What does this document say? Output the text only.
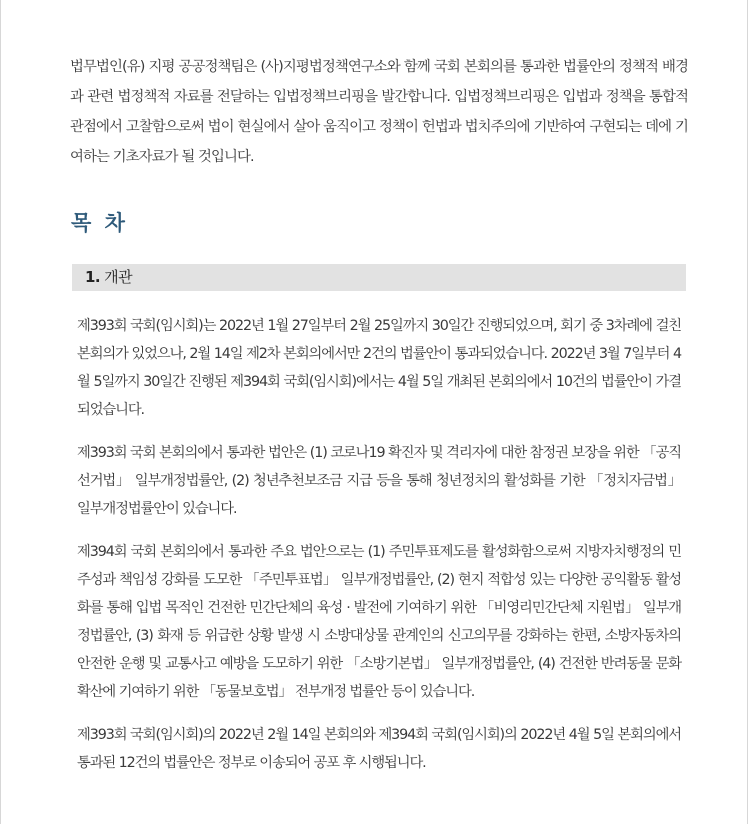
법무법인(유) 지평 공공정책팀은 (사)지평법정책연구소와 함께 국회 본회의를 통과한 법률안의 정책적 배경과 관련 법정책적 자료를 전달하는 입법정책브리핑을 발간합니다. 입법정책브리핑은 입법과 정책을 통합적 관점에서 고찰함으로써 법이 현실에서 살아 움직이고 정책이 헌법과 법치주의에 기반하여 구현되는 데에 기여하는 기초자료가 될 것입니다.

목 차
1. 개관

제393회 국회(임시회)는 2022년 1월 27일부터 2월 25일까지 30일간 진행되었으며, 회기 중 3차례에 걸친 본회의가 있었으나, 2월 14일 제2차 본회의에서만 2건의 법률안이 통과되었습니다. 2022년 3월 7일부터 4월 5일까지 30일간 진행된 제394회 국회(임시회)에서는 4월 5일 개최된 본회의에서 10건의 법률안이 가결되었습니다.

제393회 국회 본회의에서 통과한 법안은 (1) 코로나19 확진자 및 격리자에 대한 참정권 보장을 위한 「공직선거법」 일부개정법률안, (2) 청년추천보조금 지급 등을 통해 청년정치의 활성화를 기한 「정치자금법」 일부개정법률안이 있습니다.

제394회 국회 본회의에서 통과한 주요 법안으로는 (1) 주민투표제도를 활성화함으로써 지방자치행정의 민주성과 책임성 강화를 도모한 「주민투표법」 일부개정법률안, (2) 현지 적합성 있는 다양한 공익활동 활성화를 통해 입법 목적인 건전한 민간단체의 육성 · 발전에 기여하기 위한 「비영리민간단체 지원법」 일부개정법률안, (3) 화재 등 위급한 상황 발생 시 소방대상물 관계인의 신고의무를 강화하는 한편, 소방자동차의 안전한 운행 및 교통사고 예방을 도모하기 위한 「소방기본법」 일부개정법률안, (4) 건전한 반려동물 문화 확산에 기여하기 위한 「동물보호법」 전부개정 법률안 등이 있습니다.

제393회 국회(임시회)의 2022년 2월 14일 본회의와 제394회 국회(임시회)의 2022년 4월 5일 본회의에서 통과된 12건의 법률안은 정부로 이송되어 공포 후 시행됩니다.
